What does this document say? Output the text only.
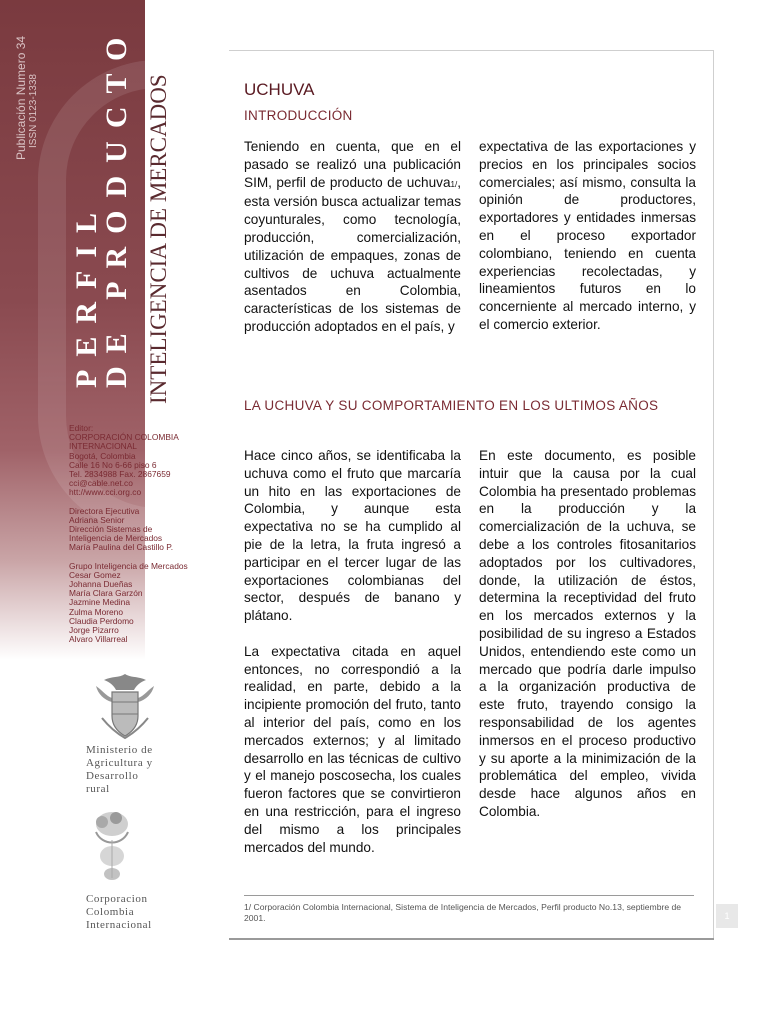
Publicación Numero 34 ISSN 0123-1338
PERFIL
DE PRODUCTO INTELIGENCIA DE MERCADOS
Editor:
CORPORACIÓN COLOMBIA
INTERNACIONAL
Bogotá, Colombia
Calle 16 No 6-66 piso 6
Tel. 2834988 Fax. 2867659
cci@cable.net.co
htt://www.cci.org.co
Directora Ejecutiva
Adriana Senior
Dirección Sistemas de
Inteligencia de Mercados
María Paulina del Castillo P.
Grupo Inteligencia de Mercados
Cesar Gomez
Johanna Dueñas
María Clara Garzón
Jazmine Medina
Zulma Moreno
Claudia Perdomo
Jorge Pizarro
Alvaro Villarreal
Ministerio de
Agricultura y
Desarrollo
rural
Corporacion
Colombia
Internacional
1
UCHUVA
INTRODUCCIÓN

Teniendo en cuenta, que en el pasado se realizó una publicación SIM, perfil de producto de uchuva1/, esta versión busca actualizar temas coyunturales, como tecnología, producción, comercialización, utilización de empaques, zonas de cultivos de uchuva actualmente asentados en Colombia, características de los sistemas de producción adoptados en el país, y

expectativa de las exportaciones y precios en los principales socios comerciales; así mismo, consulta la opinión de productores, exportadores y entidades inmersas en el proceso exportador colombiano, teniendo en cuenta experiencias recolectadas, y lineamientos futuros en lo concerniente al mercado interno, y el comercio exterior.

LA UCHUVA Y SU COMPORTAMIENTO EN LOS ULTIMOS AÑOS

Hace cinco años, se identificaba la uchuva como el fruto que marcaría un hito en las exportaciones de Colombia, y aunque esta expectativa no se ha cumplido al pie de la letra, la fruta ingresó a participar en el tercer lugar de las exportaciones colombianas del sector, después de banano y plátano.

La expectativa citada en aquel entonces, no correspondió a la realidad, en parte, debido a la incipiente promoción del fruto, tanto al interior del país, como en los mercados externos; y al limitado desarrollo en las técnicas de cultivo y el manejo poscosecha, los cuales fueron factores que se convirtieron en una restricción, para el ingreso del mismo a los principales mercados del mundo.

En este documento, es posible intuir que la causa por la cual Colombia ha presentado problemas en la producción y la comercialización de la uchuva, se debe a los controles fitosanitarios adoptados por los cultivadores, donde, la utilización de éstos, determina la receptividad del fruto en los mercados externos y la posibilidad de su ingreso a Estados Unidos, entendiendo este como un mercado que podría darle impulso a la organización productiva de este fruto, trayendo consigo la responsabilidad de los agentes inmersos en el proceso productivo y su aporte a la minimización de la problemática del empleo, vivida desde hace algunos años en Colombia.

1/ Corporación Colombia Internacional, Sistema de Inteligencia de Mercados, Perfil producto No.13, septiembre de 2001.
